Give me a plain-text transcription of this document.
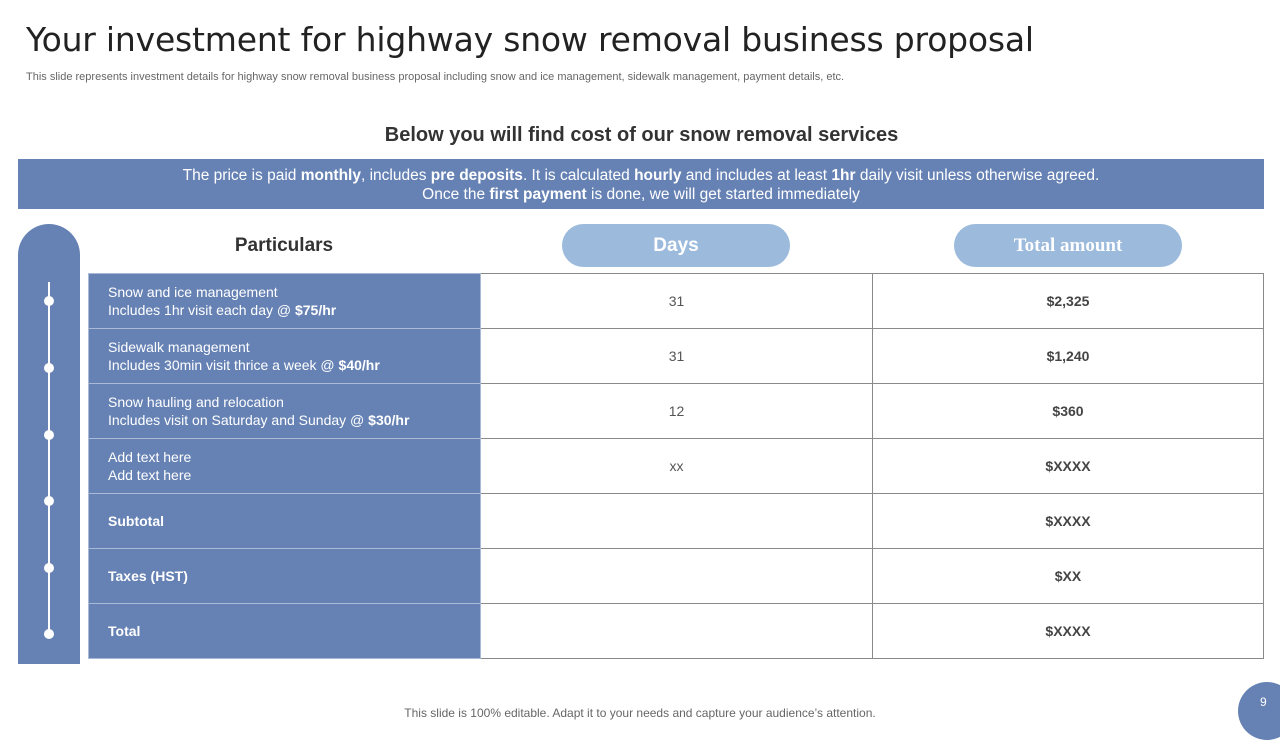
Your investment for highway snow removal business proposal
This slide represents investment details for highway snow removal business proposal including snow and ice management, sidewalk management, payment details, etc.
Below you will find cost of our snow removal services
The price is paid monthly, includes pre deposits. It is calculated hourly and includes at least 1hr daily visit unless otherwise agreed.
Once the first payment is done, we will get started immediately
Particulars	Days	Total amount
Snow and ice management
Includes 1hr visit each day @ $75/hr	31	$2,325

Sidewalk management
Includes 30min visit thrice a week @ $40/hr	31	$1,240

Snow hauling and relocation
Includes visit on Saturday and Sunday @ $30/hr	12	$360

Add text here
Add text here	xx	$XXXX
Subtotal		$XXXX
Taxes (HST)		$XX
Total		$XXXX
This slide is 100% editable. Adapt it to your needs and capture your audience’s attention.
9
